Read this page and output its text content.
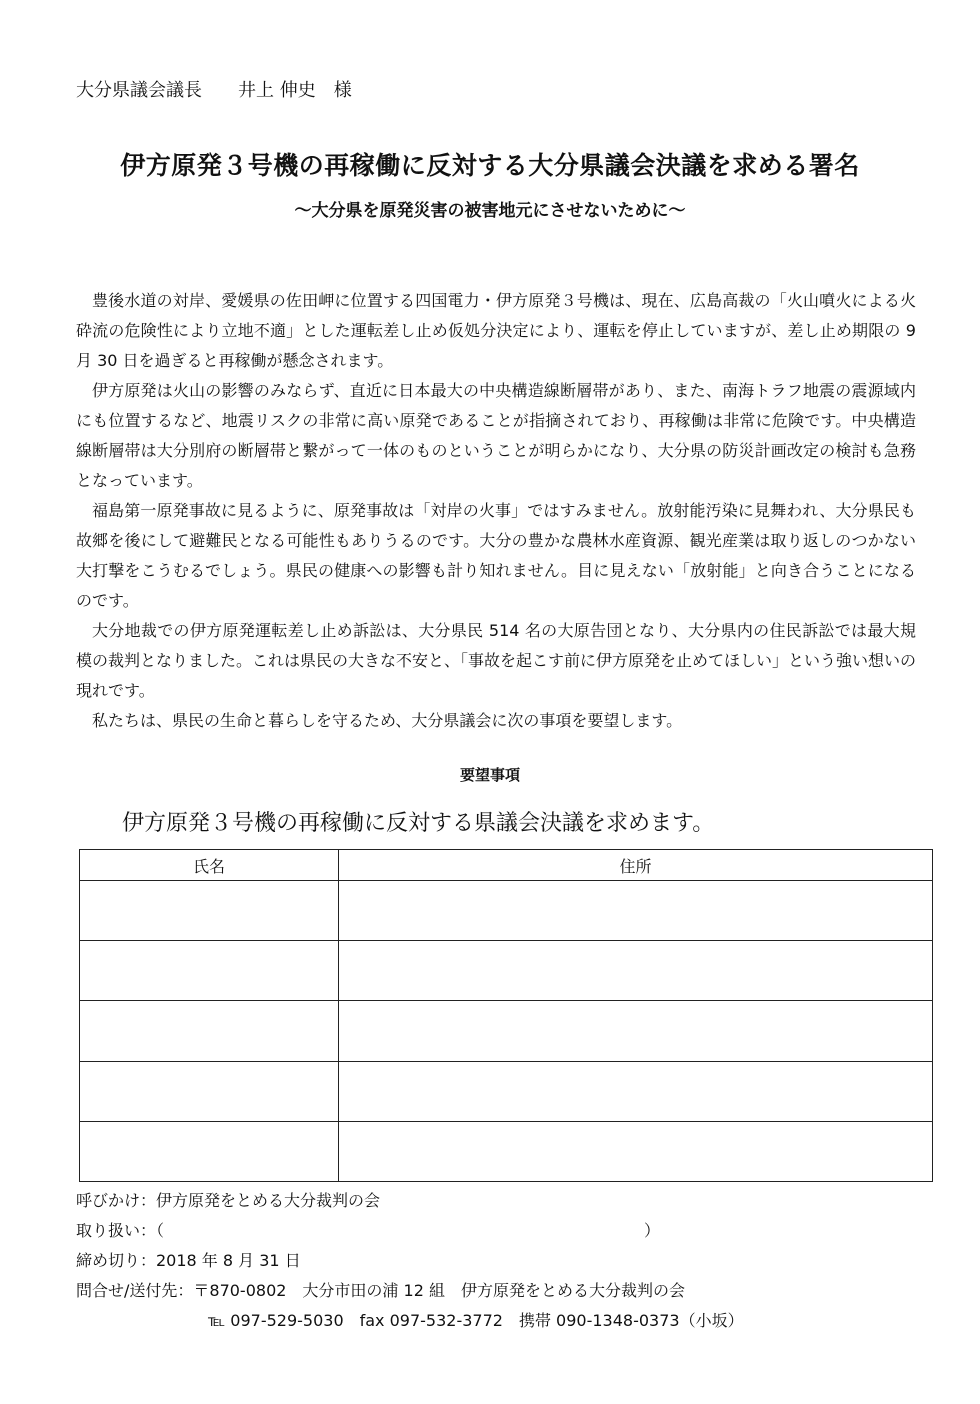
大分県議会議長　　井上 伸史　様
伊方原発３号機の再稼働に反対する大分県議会決議を求める署名
～大分県を原発災害の被害地元にさせないために～

豊後水道の対岸、愛媛県の佐田岬に位置する四国電力・伊方原発３号機は、現在、広島高裁の「火山噴火による火砕流の危険性により立地不適」とした運転差し止め仮処分決定により、運転を停止していますが、差し止め期限の 9 月 30 日を過ぎると再稼働が懸念されます。

伊方原発は火山の影響のみならず、直近に日本最大の中央構造線断層帯があり、また、南海トラフ地震の震源域内にも位置するなど、地震リスクの非常に高い原発であることが指摘されており、再稼働は非常に危険です。中央構造線断層帯は大分別府の断層帯と繋がって一体のものということが明らかになり、大分県の防災計画改定の検討も急務となっています。

福島第一原発事故に見るように、原発事故は「対岸の火事」ではすみません。放射能汚染に見舞われ、大分県民も故郷を後にして避難民となる可能性もありうるのです。大分の豊かな農林水産資源、観光産業は取り返しのつかない大打撃をこうむるでしょう。県民の健康への影響も計り知れません。目に見えない「放射能」と向き合うことになるのです。

大分地裁での伊方原発運転差し止め訴訟は、大分県民 514 名の大原告団となり、大分県内の住民訴訟では最大規模の裁判となりました。これは県民の大きな不安と、「事故を起こす前に伊方原発を止めてほしい」という強い想いの現れです。

私たちは、県民の生命と暮らしを守るため、大分県議会に次の事項を要望します。

要望事項
伊方原発３号機の再稼働に反対する県議会決議を求めます。
氏名	住所

呼びかけ：伊方原発をとめる大分裁判の会
取り扱い：（	）
締め切り：2018 年 8 月 31 日
問合せ/送付先：〒870-0802　大分市田の浦 12 組　伊方原発をとめる大分裁判の会
℡ 097-529-5030　fax 097-532-3772　携帯 090-1348-0373（小坂）
